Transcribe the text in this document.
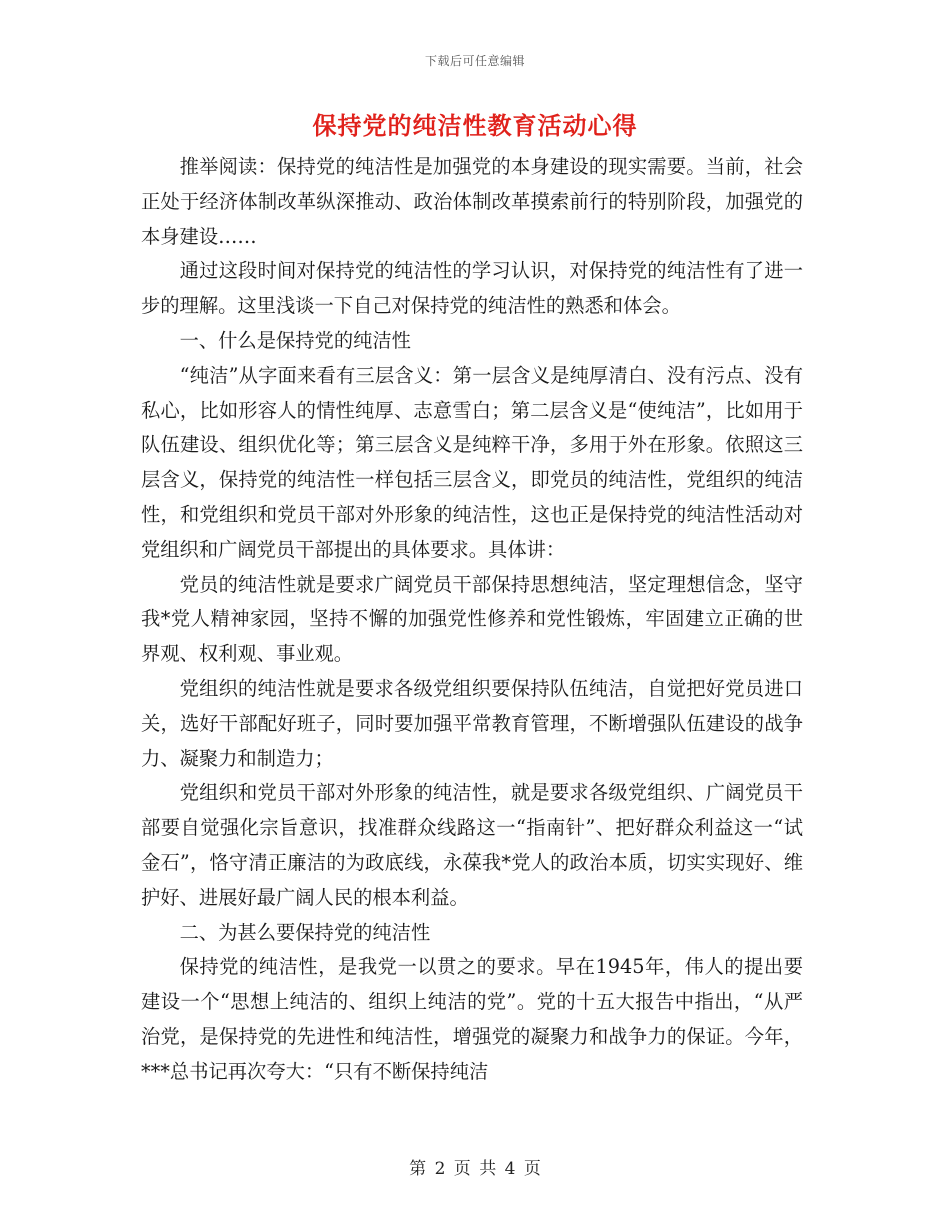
下载后可任意编辑
保持党的纯洁性教育活动心得

推举阅读：保持党的纯洁性是加强党的本身建设的现实需要。当前，社会正处于经济体制改革纵深推动、政治体制改革摸索前行的特别阶段，加强党的本身建设……

通过这段时间对保持党的纯洁性的学习认识，对保持党的纯洁性有了进一步的理解。这里浅谈一下自己对保持党的纯洁性的熟悉和体会。

一、什么是保持党的纯洁性

“纯洁”从字面来看有三层含义：第一层含义是纯厚清白、没有污点、没有私心，比如形容人的情性纯厚、志意雪白；第二层含义是“使纯洁”，比如用于队伍建设、组织优化等；第三层含义是纯粹干净，多用于外在形象。依照这三层含义，保持党的纯洁性一样包括三层含义，即党员的纯洁性，党组织的纯洁性，和党组织和党员干部对外形象的纯洁性，这也正是保持党的纯洁性活动对党组织和广阔党员干部提出的具体要求。具体讲：

党员的纯洁性就是要求广阔党员干部保持思想纯洁，坚定理想信念，坚守我*党人精神家园，坚持不懈的加强党性修养和党性锻炼，牢固建立正确的世界观、权利观、事业观。

党组织的纯洁性就是要求各级党组织要保持队伍纯洁，自觉把好党员进口关，选好干部配好班子，同时要加强平常教育管理，不断增强队伍建设的战争力、凝聚力和制造力；

党组织和党员干部对外形象的纯洁性，就是要求各级党组织、广阔党员干部要自觉强化宗旨意识，找准群众线路这一“指南针”、把好群众利益这一“试金石”，恪守清正廉洁的为政底线，永葆我*党人的政治本质，切实实现好、维护好、进展好最广阔人民的根本利益。

二、为甚么要保持党的纯洁性

保持党的纯洁性，是我党一以贯之的要求。早在1945年，伟人的提出要建设一个“思想上纯洁的、组织上纯洁的党”。党的十五大报告中指出，“从严治党，是保持党的先进性和纯洁性，增强党的凝聚力和战争力的保证。今年，***总书记再次夸大：“只有不断保持纯洁

第 2 页 共 4 页
